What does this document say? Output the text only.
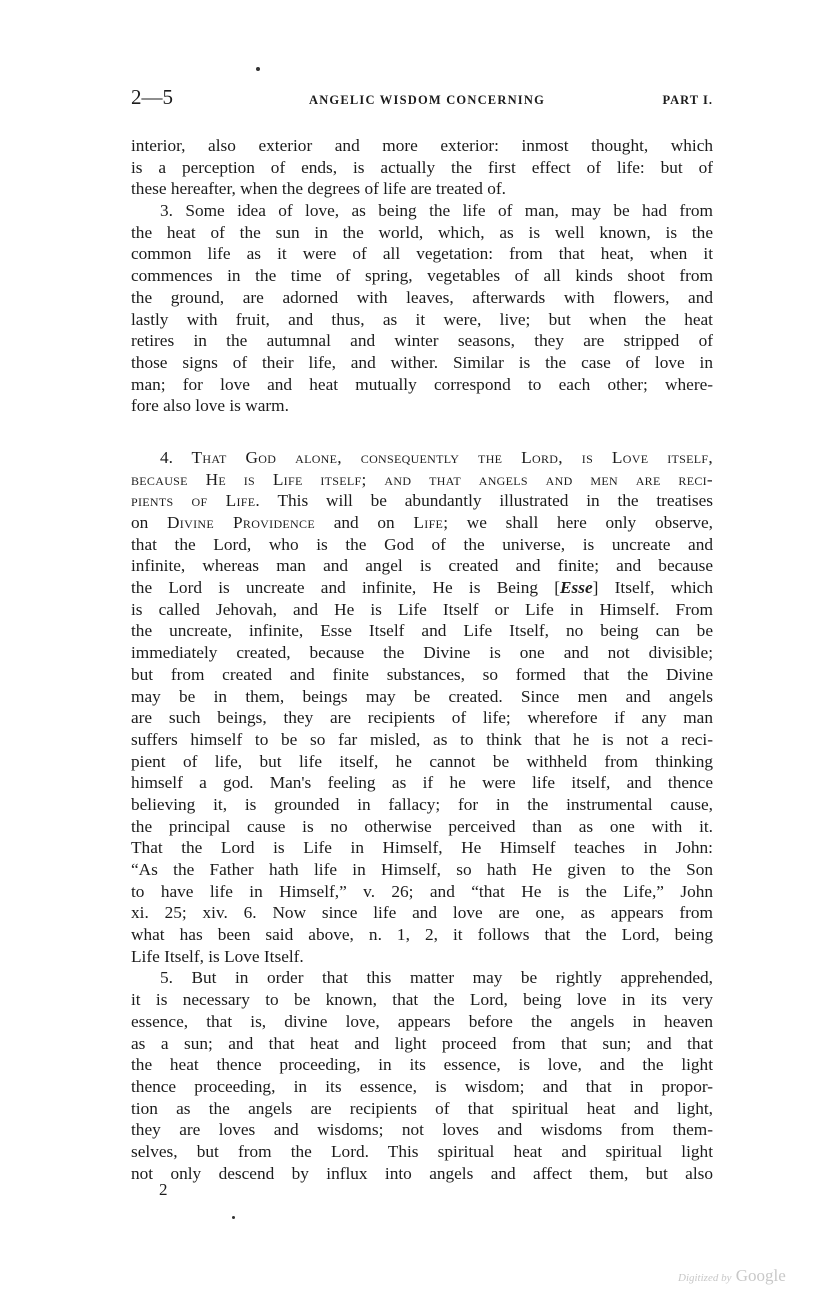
2—5	ANGELIC WISDOM CONCERNING	PART I.
interior, also exterior and more exterior: inmost thought, which
is a perception of ends, is actually the first effect of life: but of
these hereafter, when the degrees of life are treated of.
3. Some idea of love, as being the life of man, may be had from
the heat of the sun in the world, which, as is well known, is the
common life as it were of all vegetation: from that heat, when it
commences in the time of spring, vegetables of all kinds shoot from
the ground, are adorned with leaves, afterwards with flowers, and
lastly with fruit, and thus, as it were, live; but when the heat
retires in the autumnal and winter seasons, they are stripped of
those signs of their life, and wither. Similar is the case of love in
man; for love and heat mutually correspond to each other; where-
fore also love is warm.
4. That God alone, consequently the Lord, is Love itself,
because He is Life itself; and that angels and men are reci-
pients of Life. This will be abundantly illustrated in the treatises
on Divine Providence and on Life; we shall here only observe,
that the Lord, who is the God of the universe, is uncreate and
infinite, whereas man and angel is created and finite; and because
the Lord is uncreate and infinite, He is Being [Esse] Itself, which
is called Jehovah, and He is Life Itself or Life in Himself. From
the uncreate, infinite, Esse Itself and Life Itself, no being can be
immediately created, because the Divine is one and not divisible;
but from created and finite substances, so formed that the Divine
may be in them, beings may be created. Since men and angels
are such beings, they are recipients of life; wherefore if any man
suffers himself to be so far misled, as to think that he is not a reci-
pient of life, but life itself, he cannot be withheld from thinking
himself a god. Man's feeling as if he were life itself, and thence
believing it, is grounded in fallacy; for in the instrumental cause,
the principal cause is no otherwise perceived than as one with it.
That the Lord is Life in Himself, He Himself teaches in John:
“As the Father hath life in Himself, so hath He given to the Son
to have life in Himself,” v. 26; and “that He is the Life,” John
xi. 25; xiv. 6. Now since life and love are one, as appears from
what has been said above, n. 1, 2, it follows that the Lord, being
Life Itself, is Love Itself.
5. But in order that this matter may be rightly apprehended,
it is necessary to be known, that the Lord, being love in its very
essence, that is, divine love, appears before the angels in heaven
as a sun; and that heat and light proceed from that sun; and that
the heat thence proceeding, in its essence, is love, and the light
thence proceeding, in its essence, is wisdom; and that in propor-
tion as the angels are recipients of that spiritual heat and light,
they are loves and wisdoms; not loves and wisdoms from them-
selves, but from the Lord. This spiritual heat and spiritual light
not only descend by influx into angels and affect them, but also
2
Digitized by Google
